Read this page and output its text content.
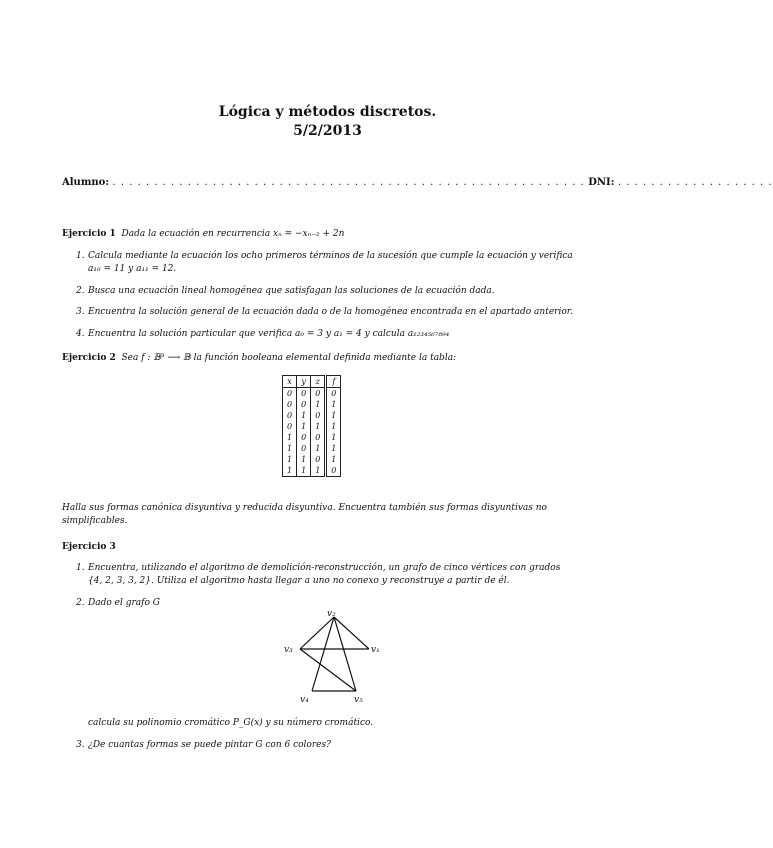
Lógica y métodos discretos.
5/2/2013
Alumno: . . . . . . . . . . . . . . . . . . . . . . . . . . . . . . . . . . . . . . . . . . . . . . . . . . . . . . . . . DNI: . . . . . . . . . . . . . . . . . . .
Ejercicio 1 Dada la ecuación en recurrencia xₙ = −xₙ₋₂ + 2n
1. Calcula mediante la ecuación los ocho primeros términos de la sucesión que cumple la ecuación y verifica
a₁₀ = 11 y a₁₁ = 12.
2. Busca una ecuación lineal homogénea que satisfagan las soluciones de la ecuación dada.
3. Encuentra la solución general de la ecuación dada o de la homogénea encontrada en el apartado anterior.
4. Encuentra la solución particular que verifica a₀ = 3 y a₁ = 4 y calcula a₁₂₃₄₅₆₇₈₉₄
Ejercicio 2 Sea f : 𝔹³ ⟶ 𝔹 la función booleana elemental definida mediante la tabla:
x	y	z	f
0	0	0	0
0	0	1	1
0	1	0	1
0	1	1	1
1	0	0	1
1	0	1	1
1	1	0	1
1	1	1	0
Halla sus formas canónica disyuntiva y reducida disyuntiva. Encuentra también sus formas disyuntivas no
simplificables.
Ejercicio 3
1. Encuentra, utilizando el algoritmo de demolición-reconstrucción, un grafo de cinco vértices con grados
{4, 2, 3, 3, 2}. Utiliza el algoritmo hasta llegar a uno no conexo y reconstruye a partir de él.
2. Dado el grafo G
v₂
v₃	v₁
v₄	v₅
calcula su polinomio cromático P_G(x) y su número cromático.
3. ¿De cuantas formas se puede pintar G con 6 colores?
